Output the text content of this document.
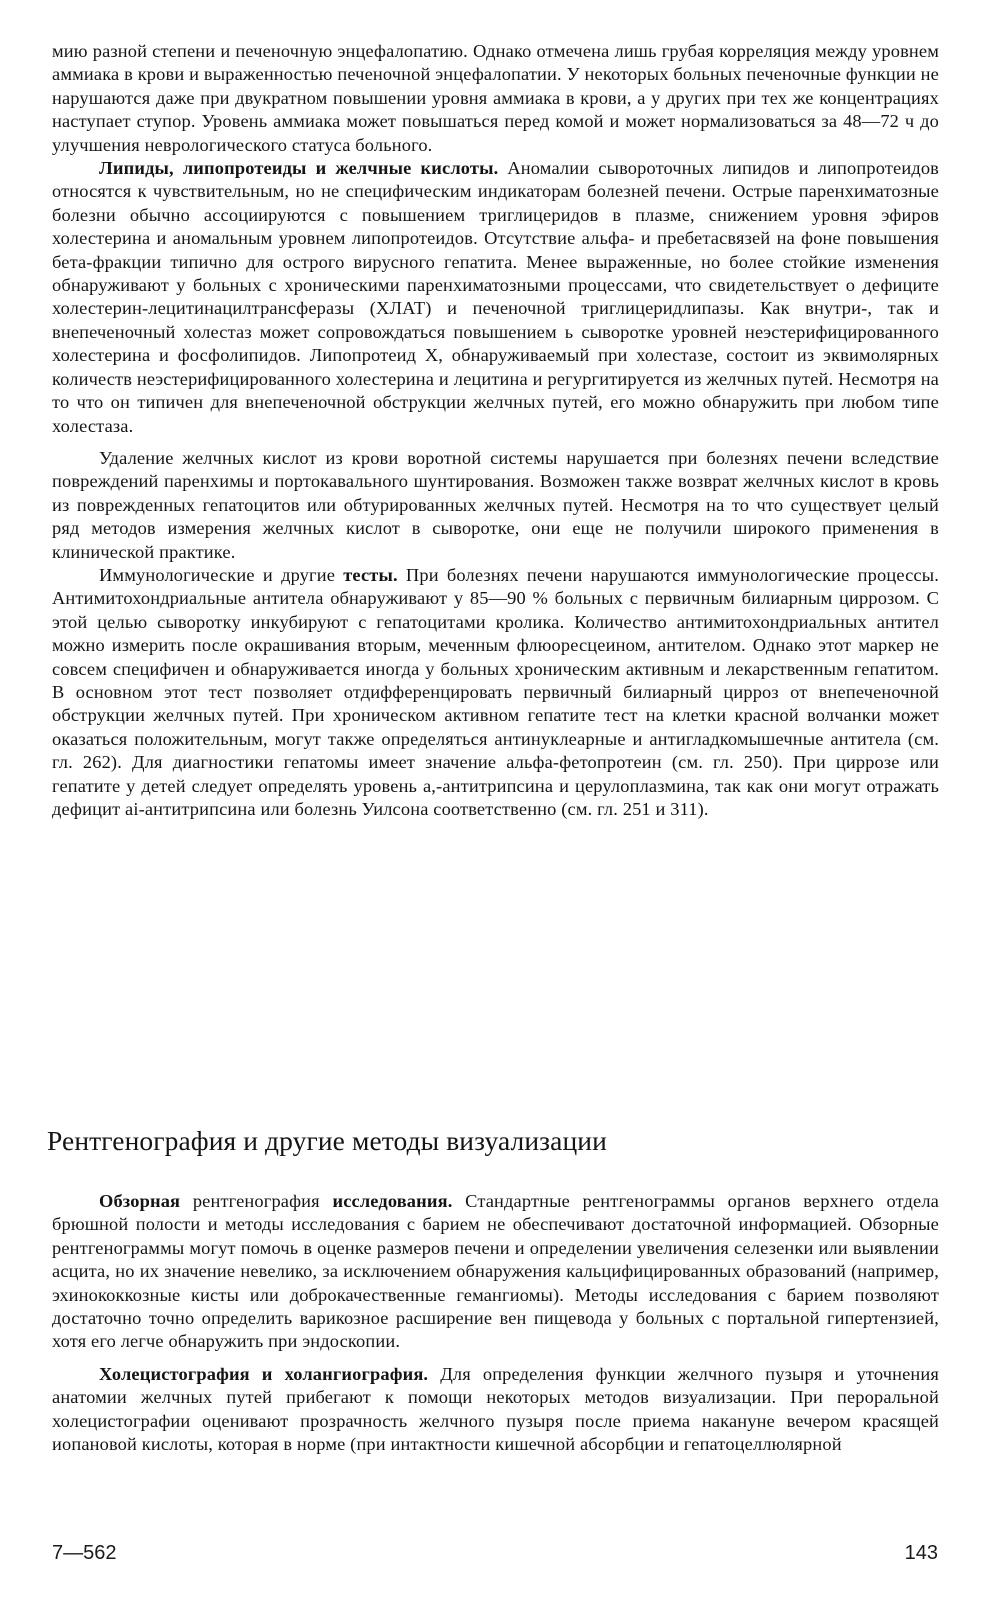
мию разной степени и печеночную энцефалопатию. Однако отмечена лишь грубая корреляция между уровнем аммиака в крови и выраженностью печеночной энцефалопатии. У некоторых больных печеночные функции не нарушаются даже при двукратном повышении уровня аммиака в крови, а у других при тех же концентрациях наступает ступор. Уровень аммиака может повышаться перед комой и может нормализоваться за 48—72 ч до улучшения неврологического статуса больного.

Липиды, липопротеиды и желчные кислоты. Аномалии сывороточных липидов и липопротеидов относятся к чувствительным, но не специфическим индикаторам болезней печени. Острые паренхиматозные болезни обычно ассоциируются с повышением триглицеридов в плазме, снижением уровня эфиров холестерина и аномальным уровнем липопротеидов. Отсутствие альфа- и пребетасвязей на фоне повышения бета-фракции типично для острого вирусного гепатита. Менее выраженные, но более стойкие изменения обнаруживают у больных с хроническими паренхиматозными процессами, что свидетельствует о дефиците холестерин-лецитинацилтрансферазы (ХЛАТ) и печеночной триглицеридлипазы. Как внутри-, так и внепеченочный холестаз может сопровождаться повышением ь сыворотке уровней неэстерифицированного холестерина и фосфолипидов. Липопротеид X, обнаруживаемый при холестазе, состоит из эквимолярных количеств неэстерифицированного холестерина и лецитина и регургитируется из желчных путей. Несмотря на то что он типичен для внепеченочной обструкции желчных путей, его можно обнаружить при любом типе холестаза.

Удаление желчных кислот из крови воротной системы нарушается при болезнях печени вследствие повреждений паренхимы и портокавального шунтирования. Возможен также возврат желчных кислот в кровь из поврежденных гепатоцитов или обтурированных желчных путей. Несмотря на то что существует целый ряд методов измерения желчных кислот в сыворотке, они еще не получили широкого применения в клинической практике.

Иммунологические и другие тесты. При болезнях печени нарушаются иммунологические процессы. Антимитохондриальные антитела обнаруживают у 85—90 % больных с первичным билиарным циррозом. С этой целью сыворотку инкубируют с гепатоцитами кролика. Количество антимитохондриальных антител можно измерить после окрашивания вторым, меченным флюоресцеином, антителом. Однако этот маркер не совсем специфичен и обнаруживается иногда у больных хроническим активным и лекарственным гепатитом. В основном этот тест позволяет отдифференцировать первичный билиарный цирроз от внепеченочной обструкции желчных путей. При хроническом активном гепатите тест на клетки красной волчанки может оказаться положительным, могут также определяться антинуклеарные и антигладкомышечные антитела (см. гл. 262). Для диагностики гепатомы имеет значение альфа-фетопротеин (см. гл. 250). При циррозе или гепатите у детей следует определять уровень а,-антитрипсина и церулоплазмина, так как они могут отражать дефицит ai-антитрипсина или болезнь Уилсона соответственно (см. гл. 251 и 311).

Рентгенография и другие методы визуализации

Обзорная рентгенография исследования. Стандартные рентгенограммы органов верхнего отдела брюшной полости и методы исследования с барием не обеспечивают достаточной информацией. Обзорные рентгенограммы могут помочь в оценке размеров печени и определении увеличения селезенки или выявлении асцита, но их значение невелико, за исключением обнаружения кальцифицированных образований (например, эхинококкозные кисты или доброкачественные гемангиомы). Методы исследования с барием позволяют достаточно точно определить варикозное расширение вен пищевода у больных с портальной гипертензией, хотя его легче обнаружить при эндоскопии.

Холецистография и холангиография. Для определения функции желчного пузыря и уточнения анатомии желчных путей прибегают к помощи некоторых методов визуализации. При пероральной холецистографии оценивают прозрачность желчного пузыря после приема накануне вечером красящей иопановой кислоты, которая в норме (при интактности кишечной абсорбции и гепатоцеллюлярной

7—562	143
